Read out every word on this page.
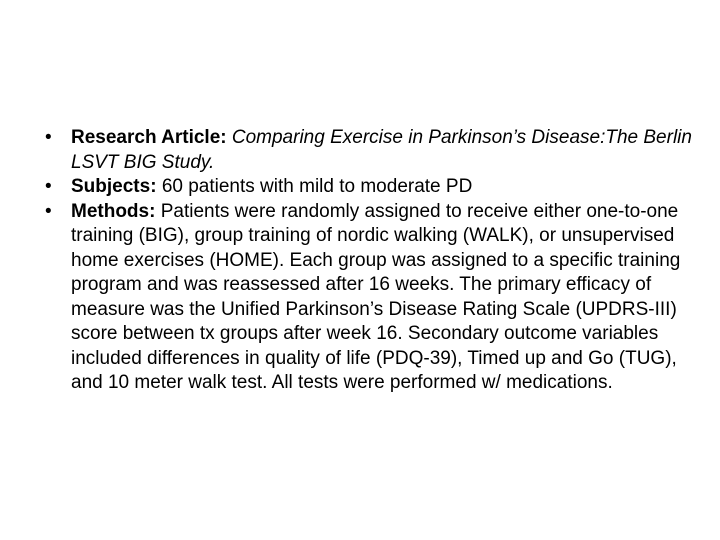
• Research Article: Comparing Exercise in Parkinson’s Disease:The Berlin LSVT BIG Study.
• Subjects: 60 patients with mild to moderate PD
• Methods: Patients were randomly assigned to receive either one-to-one training (BIG), group training of nordic walking (WALK), or unsupervised home exercises (HOME). Each group was assigned to a specific training program and was reassessed after 16 weeks. The primary efficacy of measure was the Unified Parkinson’s Disease Rating Scale (UPDRS-III) score between tx groups after week 16. Secondary outcome variables included differences in quality of life (PDQ-39), Timed up and Go (TUG), and 10 meter walk test. All tests were performed w/ medications.
